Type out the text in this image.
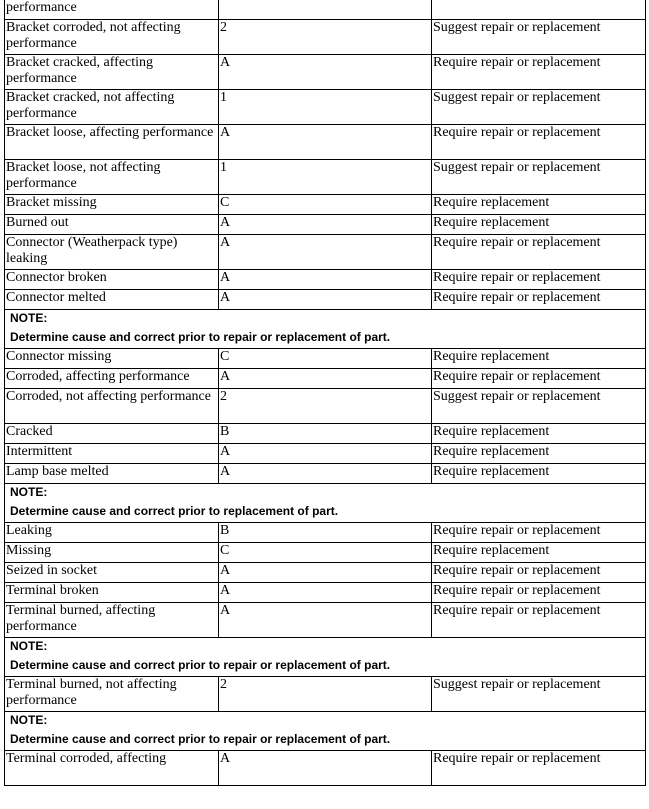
performance		
Bracket corroded, not affecting performance	2	Suggest repair or replacement
Bracket cracked, affecting performance	A	Require repair or replacement
Bracket cracked, not affecting performance	1	Suggest repair or replacement
Bracket loose, affecting performance	A	Require repair or replacement
Bracket loose, not affecting performance	1	Suggest repair or replacement
Bracket missing	C	Require replacement
Burned out	A	Require replacement
Connector (Weatherpack type) leaking	A	Require repair or replacement
Connector broken	A	Require repair or replacement
Connector melted	A	Require repair or replacement
NOTE:		
Determine cause and correct prior to repair or replacement of part.		
Connector missing	C	Require replacement
Corroded, affecting performance	A	Require repair or replacement
Corroded, not affecting performance	2	Suggest repair or replacement
Cracked	B	Require replacement
Intermittent	A	Require replacement
Lamp base melted	A	Require replacement
NOTE:		
Determine cause and correct prior to replacement of part.		
Leaking	B	Require repair or replacement
Missing	C	Require replacement
Seized in socket	A	Require repair or replacement
Terminal broken	A	Require repair or replacement
Terminal burned, affecting performance	A	Require repair or replacement
NOTE:		
Determine cause and correct prior to repair or replacement of part.		
Terminal burned, not affecting performance	2	Suggest repair or replacement
NOTE:		
Determine cause and correct prior to repair or replacement of part.		
Terminal corroded, affecting	A	Require repair or replacement
